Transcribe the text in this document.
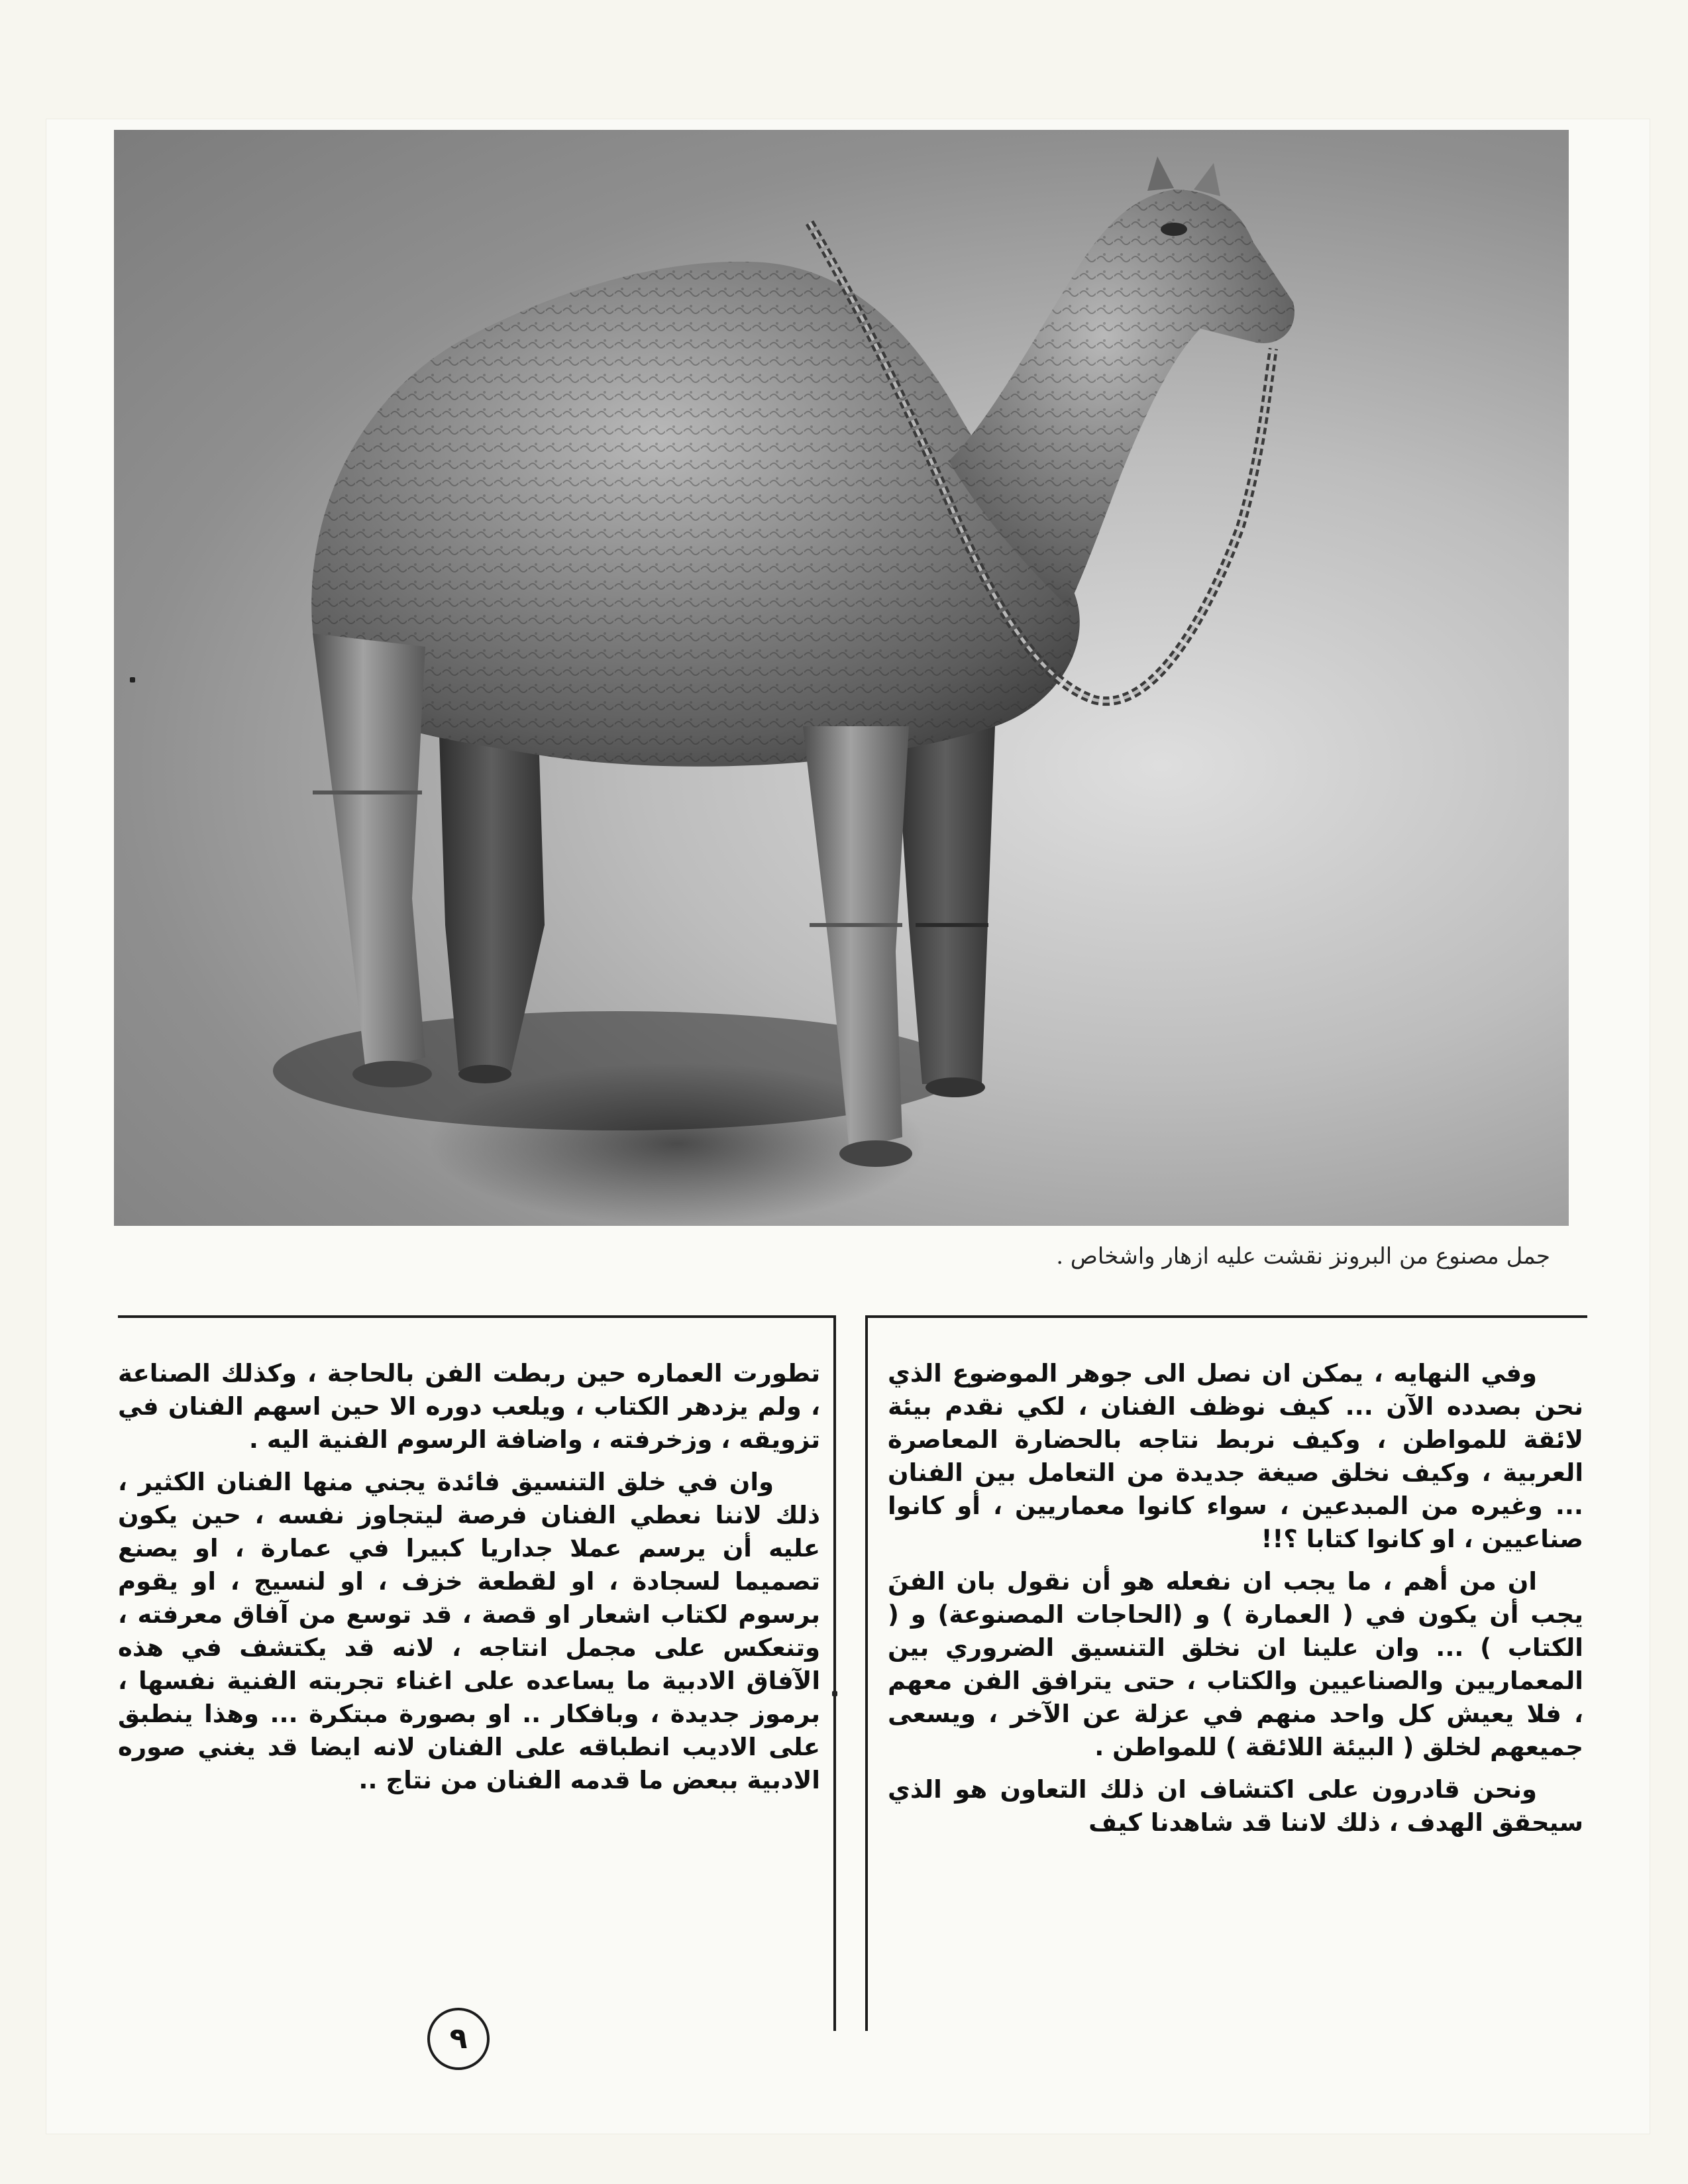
جمل مصنوع من البرونز نقشت عليه ازهار واشخاص .

وفي النهايه ، يمكن ان نصل الى جوهر الموضوع الذي نحن بصدده الآن ... كيف نوظف الفنان ، لكي نقدم بيئة لائقة للمواطن ، وكيف نربط نتاجه بالحضارة المعاصرة العربية ، وكيف نخلق صيغة جديدة من التعامل بين الفنان ... وغيره من المبدعين ، سواء كانوا معماريين ، أو كانوا صناعيين ، او كانوا كتابا ؟!!

ان من أهم ، ما يجب ان نفعله هو أن نقول بان الفنَ يجب أن يكون في ( العمارة ) و (الحاجات المصنوعة) و ( الكتاب ) ... وان علينا ان نخلق التنسيق الضروري بين المعماريين والصناعيين والكتاب ، حتى يترافق الفن معهم ، فلا يعيش كل واحد منهم في عزلة عن الآخر ، ويسعى جميعهم لخلق ( البيئة اللائقة ) للمواطن .

ونحن قادرون على اكتشاف ان ذلك التعاون هو الذي سيحقق الهدف ، ذلك لاننا قد شاهدنا كيف

تطورت العماره حين ربطت الفن بالحاجة ، وكذلك الصناعة ، ولم يزدهر الكتاب ، ويلعب دوره الا حين اسهم الفنان في تزويقه ، وزخرفته ، واضافة الرسوم الفنية اليه .

وان في خلق التنسيق فائدة يجني منها الفنان الكثير ، ذلك لاننا نعطي الفنان فرصة ليتجاوز نفسه ، حين يكون عليه أن يرسم عملا جداريا كبيرا في عمارة ، او يصنع تصميما لسجادة ، او لقطعة خزف ، او لنسيج ، او يقوم برسوم لكتاب اشعار او قصة ، قد توسع من آفاق معرفته ، وتنعكس على مجمل انتاجه ، لانه قد يكتشف في هذه الآفاق الادبية ما يساعده على اغناء تجربته الفنية نفسها ، برموز جديدة ، وبافكار .. او بصورة مبتكرة ... وهذا ينطبق على الاديب انطباقه على الفنان لانه ايضا قد يغني صوره الادبية ببعض ما قدمه الفنان من نتاج ..

٩
